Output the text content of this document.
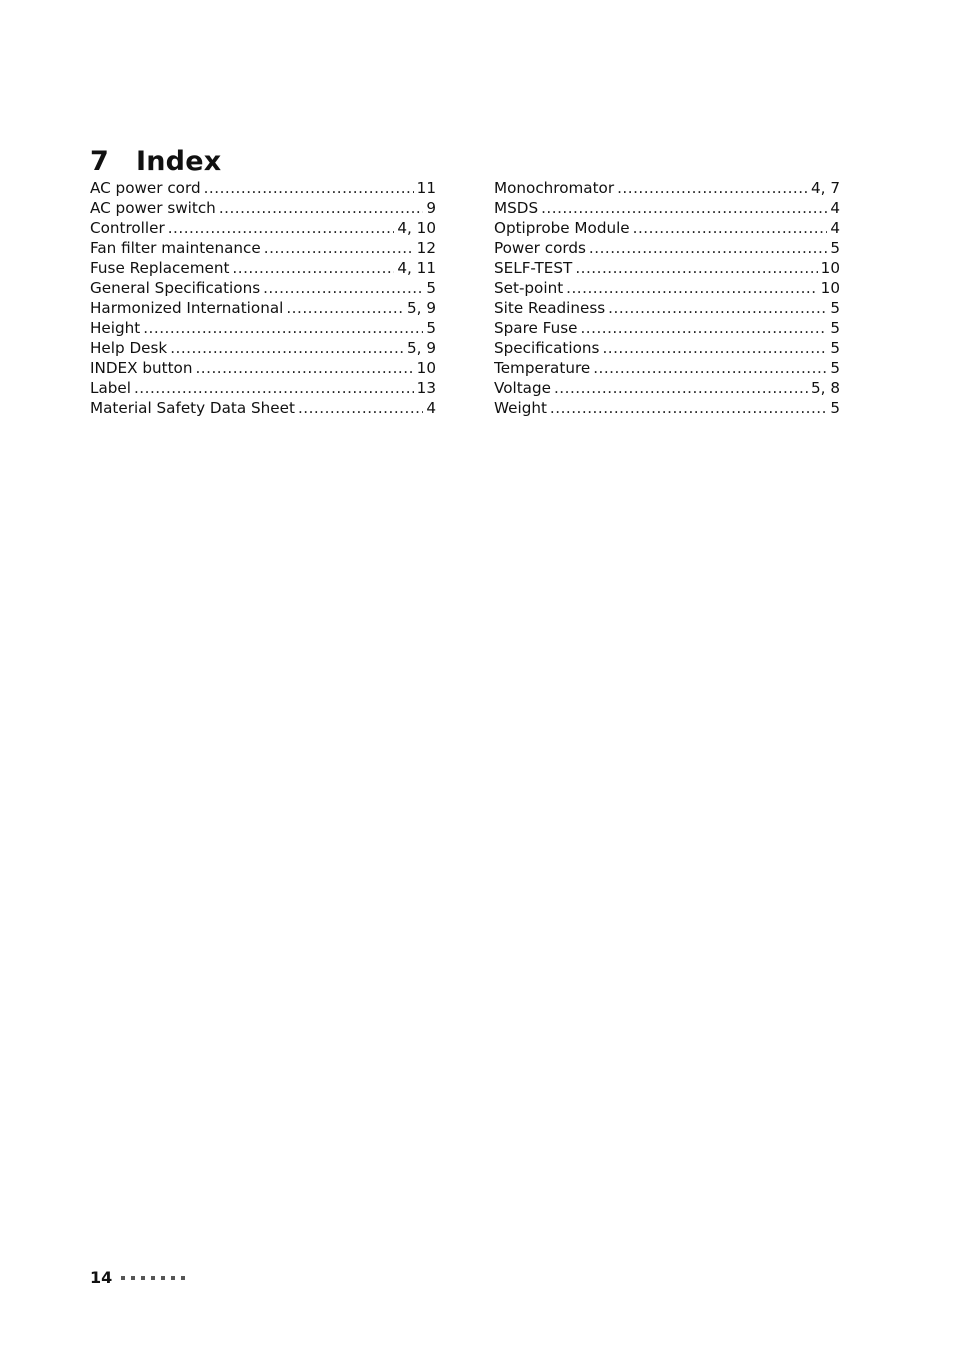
7 Index
AC power cord .....	11
AC power switch .....	9
Controller .....	4, 10
Fan filter maintenance .....	12
Fuse Replacement .....	4, 11
General Specifications .....	5
Harmonized International .....	5, 9
Height .....	5
Help Desk .....	5, 9
INDEX button .....	10
Label .....	13
Material Safety Data Sheet .....	4
Monochromator .....	4, 7
MSDS .....	4
Optiprobe Module .....	4
Power cords .....	5
SELF-TEST .....	10
Set-point .....	10
Site Readiness .....	5
Spare Fuse .....	5
Specifications .....	5
Temperature .....	5
Voltage .....	5, 8
Weight .....	5
14
